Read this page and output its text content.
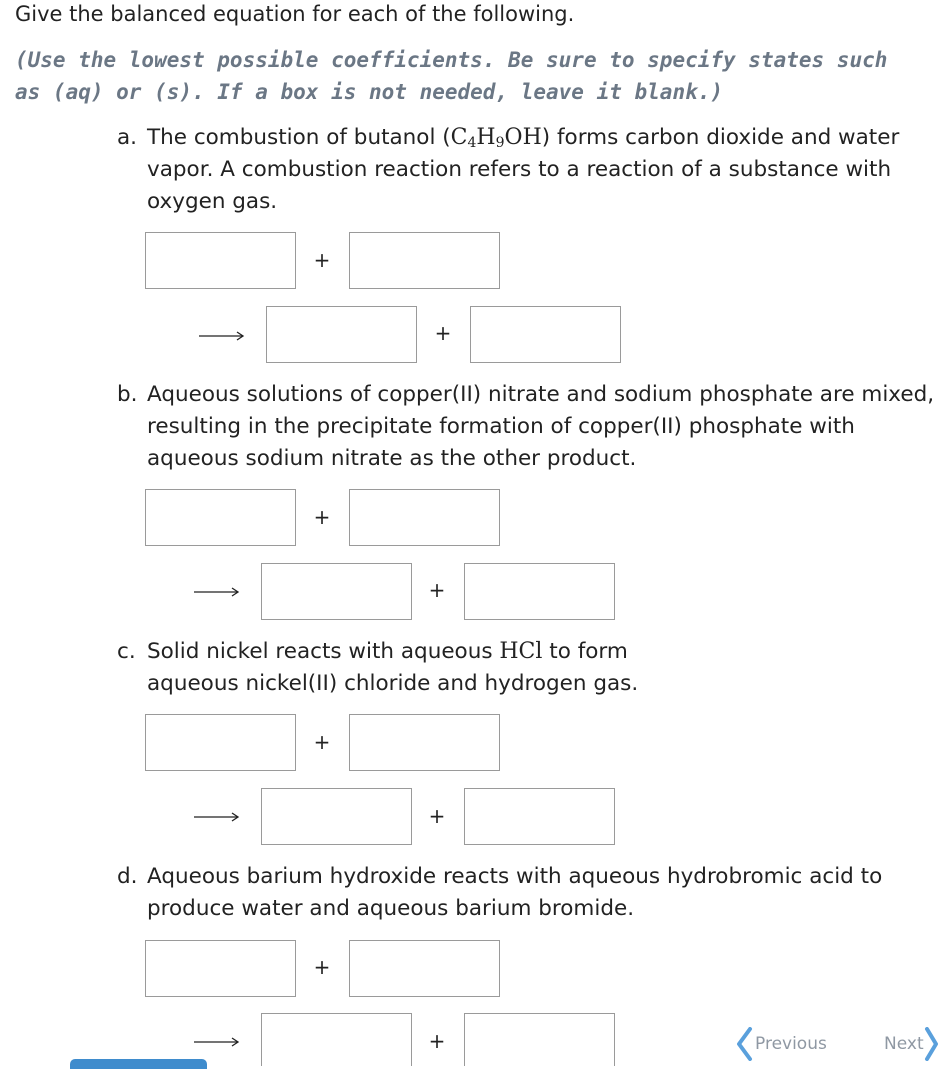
Give the balanced equation for each of the following.
(Use the lowest possible coefficients. Be sure to specify states such as (aq) or (s). If a box is not needed, leave it blank.)
a. The combustion of butanol $(C_4H_9OH)$ forms carbon dioxide and water vapor. A combustion reaction refers to a reaction of a substance with oxygen gas.
+
+
b. Aqueous solutions of copper(II) nitrate and sodium phosphate are mixed, resulting in the precipitate formation of copper(II) phosphate with aqueous sodium nitrate as the other product.
+
+
c. Solid nickel reacts with aqueous HCl to form aqueous nickel(II) chloride and hydrogen gas.
+
+
d. Aqueous barium hydroxide reacts with aqueous hydrobromic acid to produce water and aqueous barium bromide.
+
+	Previous	Next
